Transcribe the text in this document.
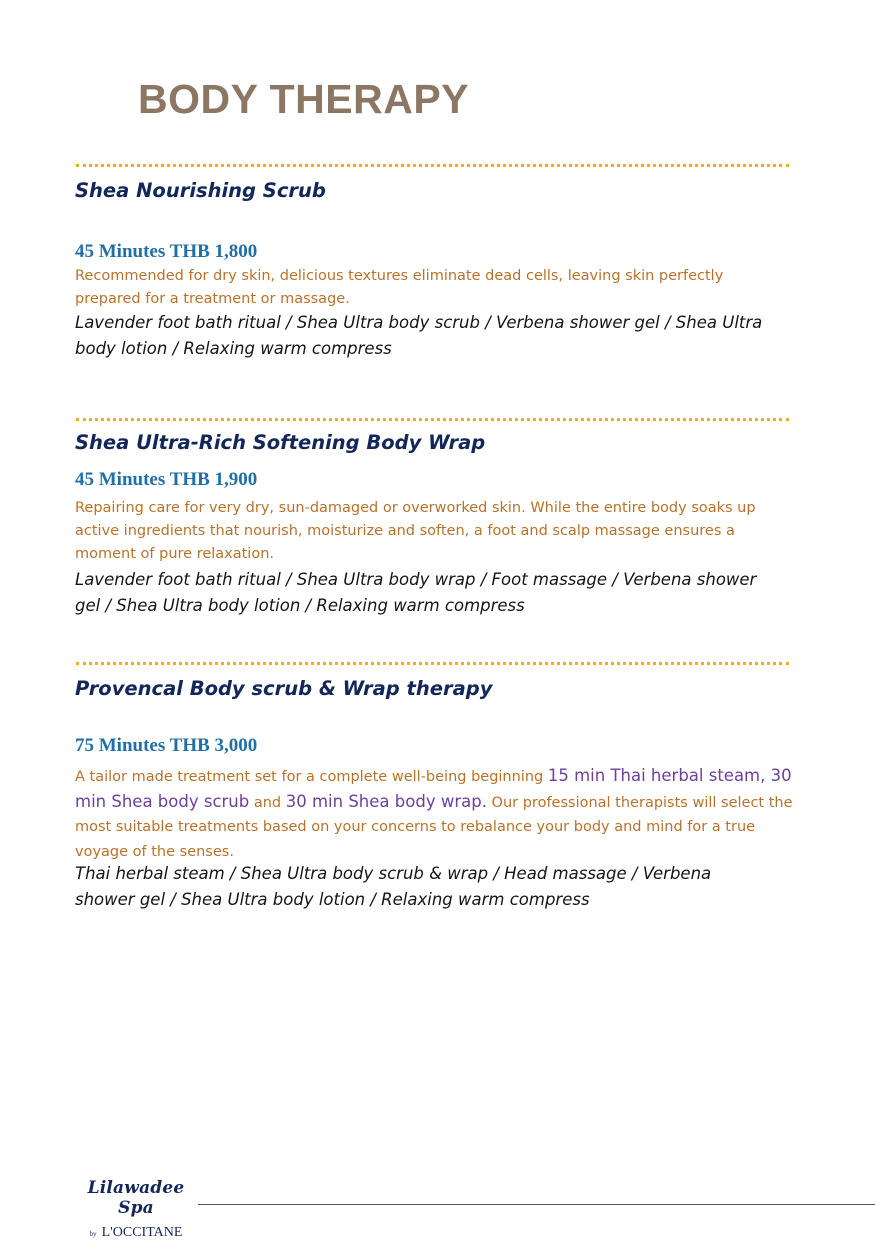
BODY THERAPY
Shea Nourishing Scrub

45 Minutes THB 1,800

Recommended for dry skin, delicious textures eliminate dead cells, leaving skin perfectly prepared for a treatment or massage.

Lavender foot bath ritual / Shea Ultra body scrub / Verbena shower gel / Shea Ultra body lotion / Relaxing warm compress

Shea Ultra-Rich Softening Body Wrap

45 Minutes THB 1,900

Repairing care for very dry, sun-damaged or overworked skin. While the entire body soaks up active ingredients that nourish, moisturize and soften, a foot and scalp massage ensures a moment of pure relaxation.

Lavender foot bath ritual / Shea Ultra body wrap / Foot massage / Verbena shower gel / Shea Ultra body lotion / Relaxing warm compress

Provencal Body scrub & Wrap therapy

75 Minutes THB 3,000

A tailor made treatment set for a complete well-being beginning 15 min Thai herbal steam, 30 min Shea body scrub and 30 min Shea body wrap. Our professional therapists will select the most suitable treatments based on your concerns to rebalance your body and mind for a true voyage of the senses.

Thai herbal steam / Shea Ultra body scrub & wrap / Head massage / Verbena
shower gel / Shea Ultra body lotion / Relaxing warm compress

Lilawadee Spa
by L'OCCITANE
